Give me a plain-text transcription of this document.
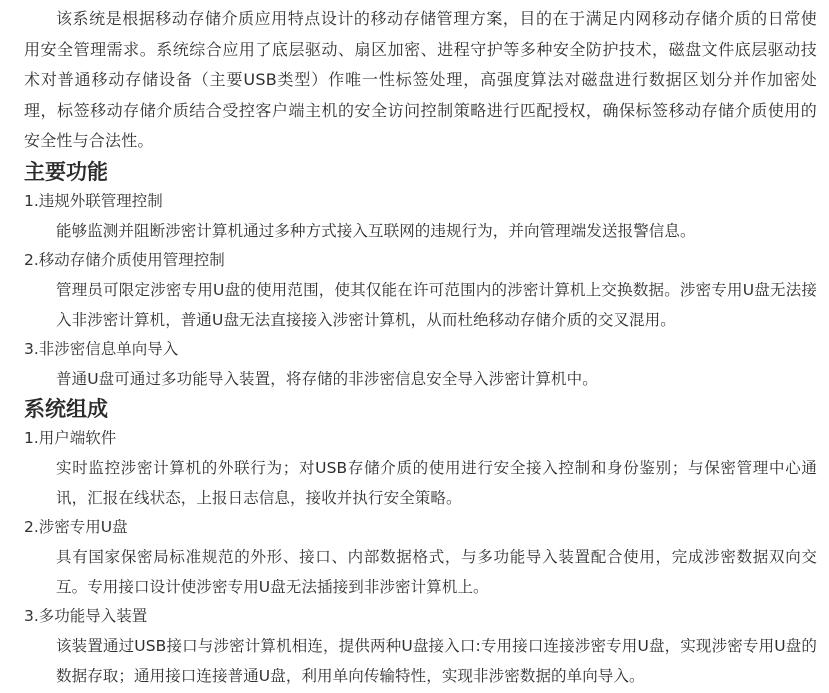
该系统是根据移动存储介质应用特点设计的移动存储管理方案，目的在于满足内网移动存储介质的日常使用安全管理需求。系统综合应用了底层驱动、扇区加密、进程守护等多种安全防护技术，磁盘文件底层驱动技术对普通移动存储设备（主要USB类型）作唯一性标签处理，高强度算法对磁盘进行数据区划分并作加密处理，标签移动存储介质结合受控客户端主机的安全访问控制策略进行匹配授权，确保标签移动存储介质使用的安全性与合法性。

主要功能
1.违规外联管理控制

能够监测并阻断涉密计算机通过多种方式接入互联网的违规行为，并向管理端发送报警信息。

2.移动存储介质使用管理控制

管理员可限定涉密专用U盘的使用范围，使其仅能在许可范围内的涉密计算机上交换数据。涉密专用U盘无法接入非涉密计算机，普通U盘无法直接接入涉密计算机，从而杜绝移动存储介质的交叉混用。

3.非涉密信息单向导入

普通U盘可通过多功能导入装置，将存储的非涉密信息安全导入涉密计算机中。

系统组成
1.用户端软件

实时监控涉密计算机的外联行为；对USB存储介质的使用进行安全接入控制和身份鉴别；与保密管理中心通讯，汇报在线状态，上报日志信息，接收并执行安全策略。

2.涉密专用U盘

具有国家保密局标准规范的外形、接口、内部数据格式，与多功能导入装置配合使用，完成涉密数据双向交互。专用接口设计使涉密专用U盘无法插接到非涉密计算机上。

3.多功能导入装置

该装置通过USB接口与涉密计算机相连，提供两种U盘接入口:专用接口连接涉密专用U盘，实现涉密专用U盘的数据存取；通用接口连接普通U盘，利用单向传输特性，实现非涉密数据的单向导入。
